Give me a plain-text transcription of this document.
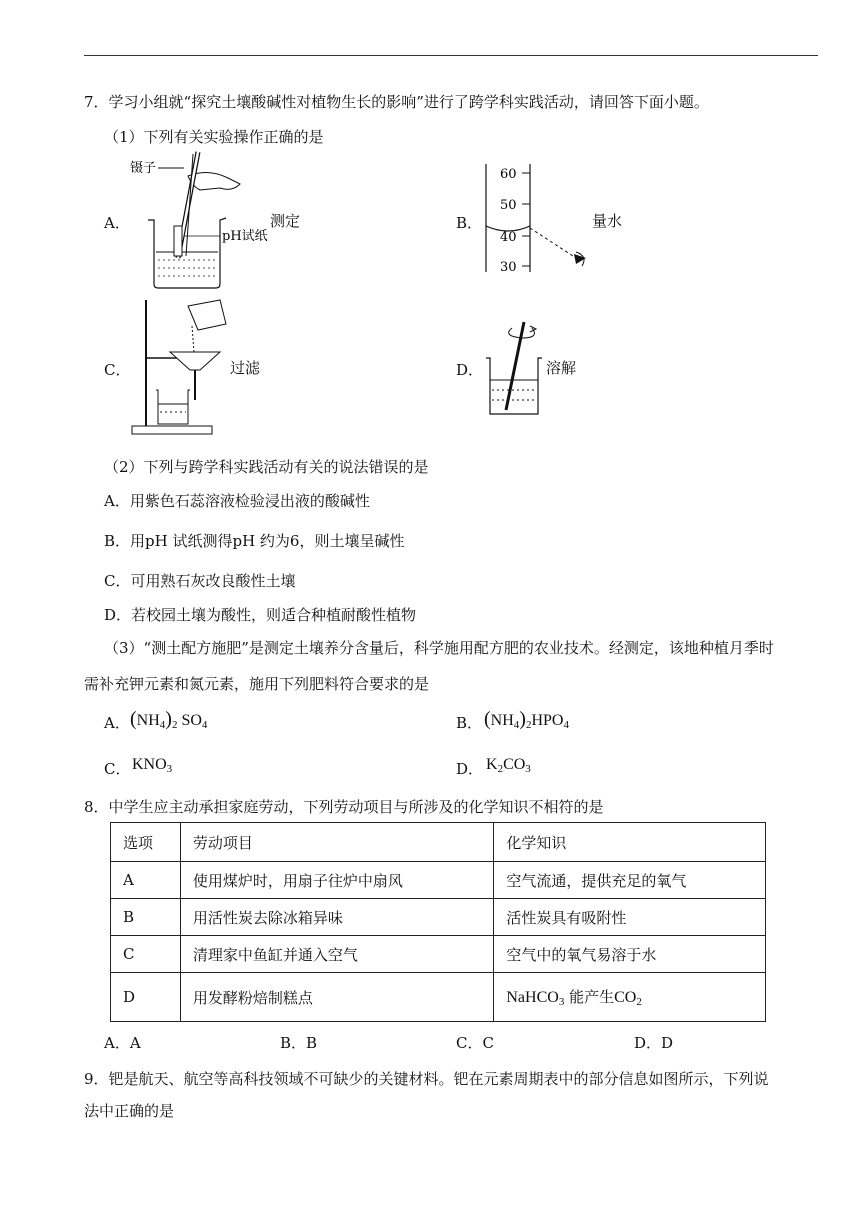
7．学习小组就“探究土壤酸碱性对植物生长的影响”进行了跨学科实践活动，请回答下面小题。
（1）下列有关实验操作正确的是
A．
镊子
pH试纸
测定	B．
60
50
40
30
量水
C．	过滤	D．	溶解
（2）下列与跨学科实践活动有关的说法错误的是
A．用紫色石蕊溶液检验浸出液的酸碱性
B．用pH 试纸测得pH 约为6，则土壤呈碱性
C．可用熟石灰改良酸性土壤
D．若校园土壤为酸性，则适合种植耐酸性植物
（3）“测土配方施肥”是测定土壤养分含量后，科学施用配方肥的农业技术。经测定，该地种植月季时
需补充钾元素和氮元素，施用下列肥料符合要求的是
A． $(NH_4)_2$ $SO_4$	B． $(NH_4)_2HPO_4$
C． $KNO_3$	D． $K_2CO_3$
8．中学生应主动承担家庭劳动，下列劳动项目与所涉及的化学知识不相符的是
选项	劳动项目	化学知识
A	使用煤炉时，用扇子往炉中扇风	空气流通，提供充足的氧气
B	用活性炭去除冰箱异味	活性炭具有吸附性
C	清理家中鱼缸并通入空气	空气中的氧气易溶于水
D	用发酵粉焙制糕点	NaHCO$_3$ 能产生$CO_2$
A．A	B．B	C．C	D．D
9．钯是航天、航空等高科技领域不可缺少的关键材料。钯在元素周期表中的部分信息如图所示，下列说
法中正确的是
